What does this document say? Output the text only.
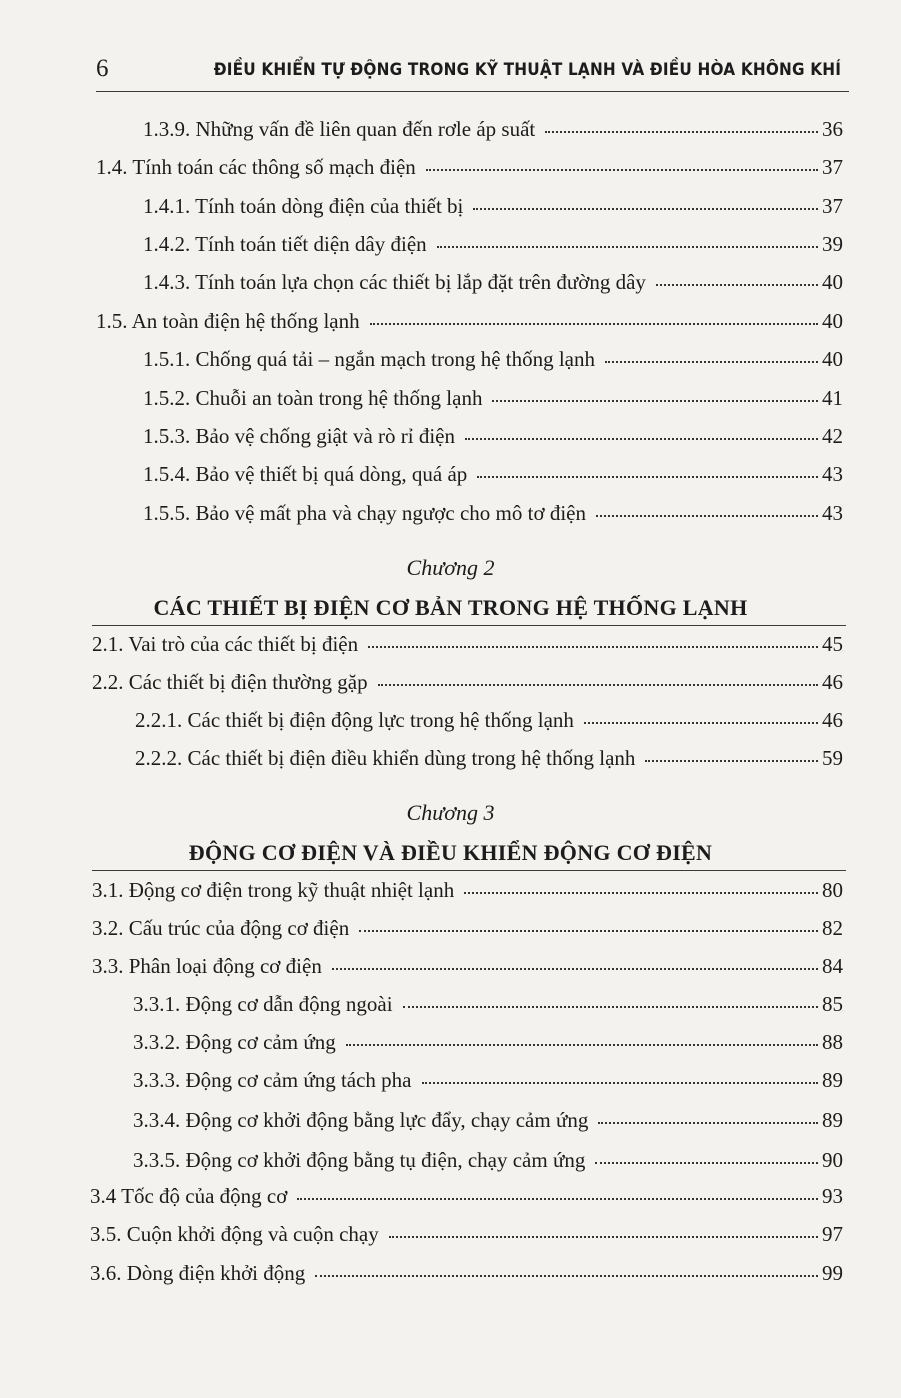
6	ĐIỀU KHIỂN TỰ ĐỘNG TRONG KỸ THUẬT LẠNH VÀ ĐIỀU HÒA KHÔNG KHÍ
1.3.9. Những vấn đề liên quan đến rơle áp suất	36
1.4. Tính toán các thông số mạch điện	37
1.4.1. Tính toán dòng điện của thiết bị	37
1.4.2. Tính toán tiết diện dây điện	39
1.4.3. Tính toán lựa chọn các thiết bị lắp đặt trên đường dây	40
1.5. An toàn điện hệ thống lạnh	40
1.5.1. Chống quá tải – ngắn mạch trong hệ thống lạnh	40
1.5.2. Chuỗi an toàn trong hệ thống lạnh	41
1.5.3. Bảo vệ chống giật và rò rỉ điện	42
1.5.4. Bảo vệ thiết bị quá dòng, quá áp	43
1.5.5. Bảo vệ mất pha và chạy ngược cho mô tơ điện	43
Chương 2
CÁC THIẾT BỊ ĐIỆN CƠ BẢN TRONG HỆ THỐNG LẠNH
2.1. Vai trò của các thiết bị điện	45
2.2. Các thiết bị điện thường gặp	46
2.2.1. Các thiết bị điện động lực trong hệ thống lạnh	46
2.2.2. Các thiết bị điện điều khiển dùng trong hệ thống lạnh	59
Chương 3
ĐỘNG CƠ ĐIỆN VÀ ĐIỀU KHIỂN ĐỘNG CƠ ĐIỆN
3.1. Động cơ điện trong kỹ thuật nhiệt lạnh	80
3.2. Cấu trúc của động cơ điện	82
3.3. Phân loại động cơ điện	84
3.3.1. Động cơ dẫn động ngoài	85
3.3.2. Động cơ cảm ứng	88
3.3.3. Động cơ cảm ứng tách pha	89
3.3.4. Động cơ khởi động bằng lực đẩy, chạy cảm ứng	89
3.3.5. Động cơ khởi động bằng tụ điện, chạy cảm ứng	90
3.4 Tốc độ của động cơ	93
3.5. Cuộn khởi động và cuộn chạy	97
3.6. Dòng điện khởi động	99
